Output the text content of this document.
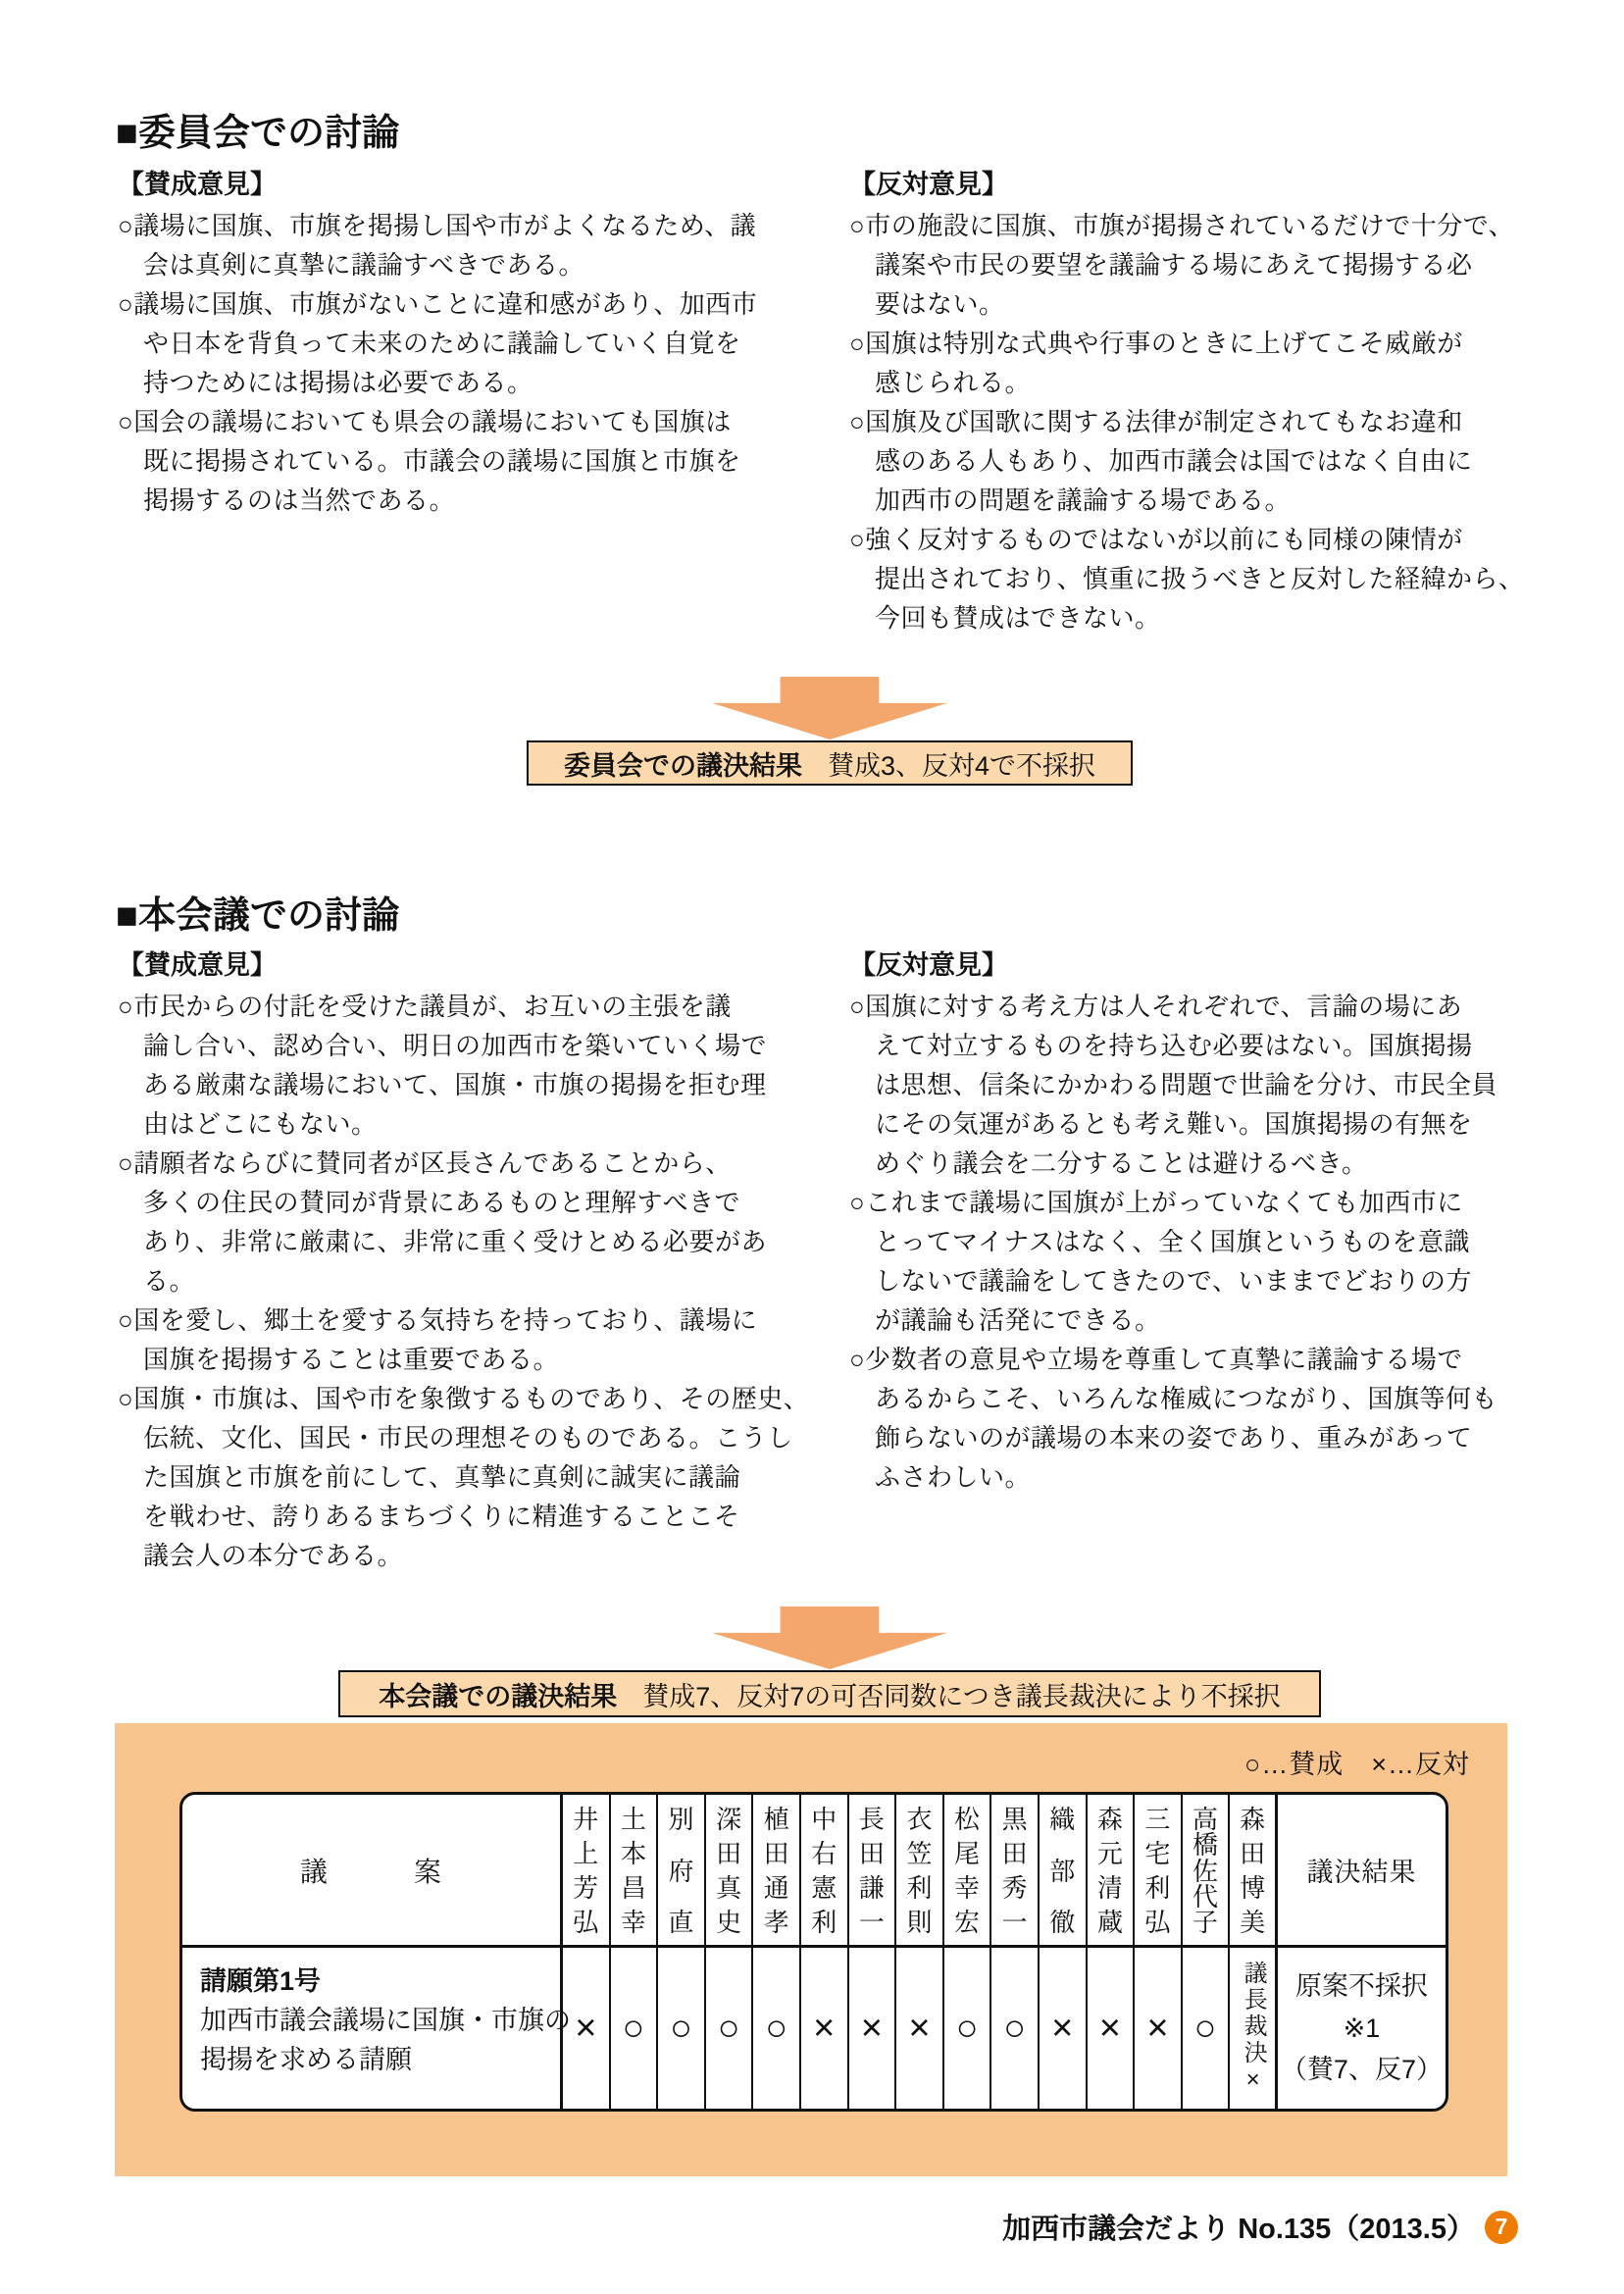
■委員会での討論
【賛成意見】
○議場に国旗、市旗を掲揚し国や市がよくなるため、議
会は真剣に真摯に議論すべきである。
○議場に国旗、市旗がないことに違和感があり、加西市
や日本を背負って未来のために議論していく自覚を
持つためには掲揚は必要である。
○国会の議場においても県会の議場においても国旗は
既に掲揚されている。市議会の議場に国旗と市旗を
掲揚するのは当然である。
【反対意見】
○市の施設に国旗、市旗が掲揚されているだけで十分で、
議案や市民の要望を議論する場にあえて掲揚する必
要はない。
○国旗は特別な式典や行事のときに上げてこそ威厳が
感じられる。
○国旗及び国歌に関する法律が制定されてもなお違和
感のある人もあり、加西市議会は国ではなく自由に
加西市の問題を議論する場である。
○強く反対するものではないが以前にも同様の陳情が
提出されており、慎重に扱うべきと反対した経緯から、
今回も賛成はできない。
委員会での議決結果 賛成3、反対4で不採択
■本会議での討論
【賛成意見】
○市民からの付託を受けた議員が、お互いの主張を議
論し合い、認め合い、明日の加西市を築いていく場で
ある厳粛な議場において、国旗・市旗の掲揚を拒む理
由はどこにもない。
○請願者ならびに賛同者が区長さんであることから、
多くの住民の賛同が背景にあるものと理解すべきで
あり、非常に厳粛に、非常に重く受けとめる必要があ
る。
○国を愛し、郷土を愛する気持ちを持っており、議場に
国旗を掲揚することは重要である。
○国旗・市旗は、国や市を象徴するものであり、その歴史、
伝統、文化、国民・市民の理想そのものである。こうし
た国旗と市旗を前にして、真摯に真剣に誠実に議論
を戦わせ、誇りあるまちづくりに精進することこそ
議会人の本分である。
【反対意見】
○国旗に対する考え方は人それぞれで、言論の場にあ
えて対立するものを持ち込む必要はない。国旗掲揚
は思想、信条にかかわる問題で世論を分け、市民全員
にその気運があるとも考え難い。国旗掲揚の有無を
めぐり議会を二分することは避けるべき。
○これまで議場に国旗が上がっていなくても加西市に
とってマイナスはなく、全く国旗というものを意識
しないで議論をしてきたので、いままでどおりの方
が議論も活発にできる。
○少数者の意見や立場を尊重して真摯に議論する場で
あるからこそ、いろんな権威につながり、国旗等何も
飾らないのが議場の本来の姿であり、重みがあって
ふさわしい。
本会議での議決結果 賛成7、反対7の可否同数につき議長裁決により不採択
○…賛成　×…反対
議　　　案
井
上
芳
弘
土
本
昌
幸
別
府
直
深
田
真
史
植
田
通
孝
中
右
憲
利
長
田
謙
一
衣
笠
利
則
松
尾
幸
宏
黒
田
秀
一
織
部
徹
森
元
清
蔵
三
宅
利
弘
高
橋
佐
代
子
森
田
博
美
議決結果
請願第1号
加西市議会議場に国旗・市旗の
掲揚を求める請願
× ○ ○ ○ ○ × × × ○ ○ × × × ○ 議長裁決× 原案不採択
※1
（賛7、反7）
加西市議会だより No.135（2013.5） 7
